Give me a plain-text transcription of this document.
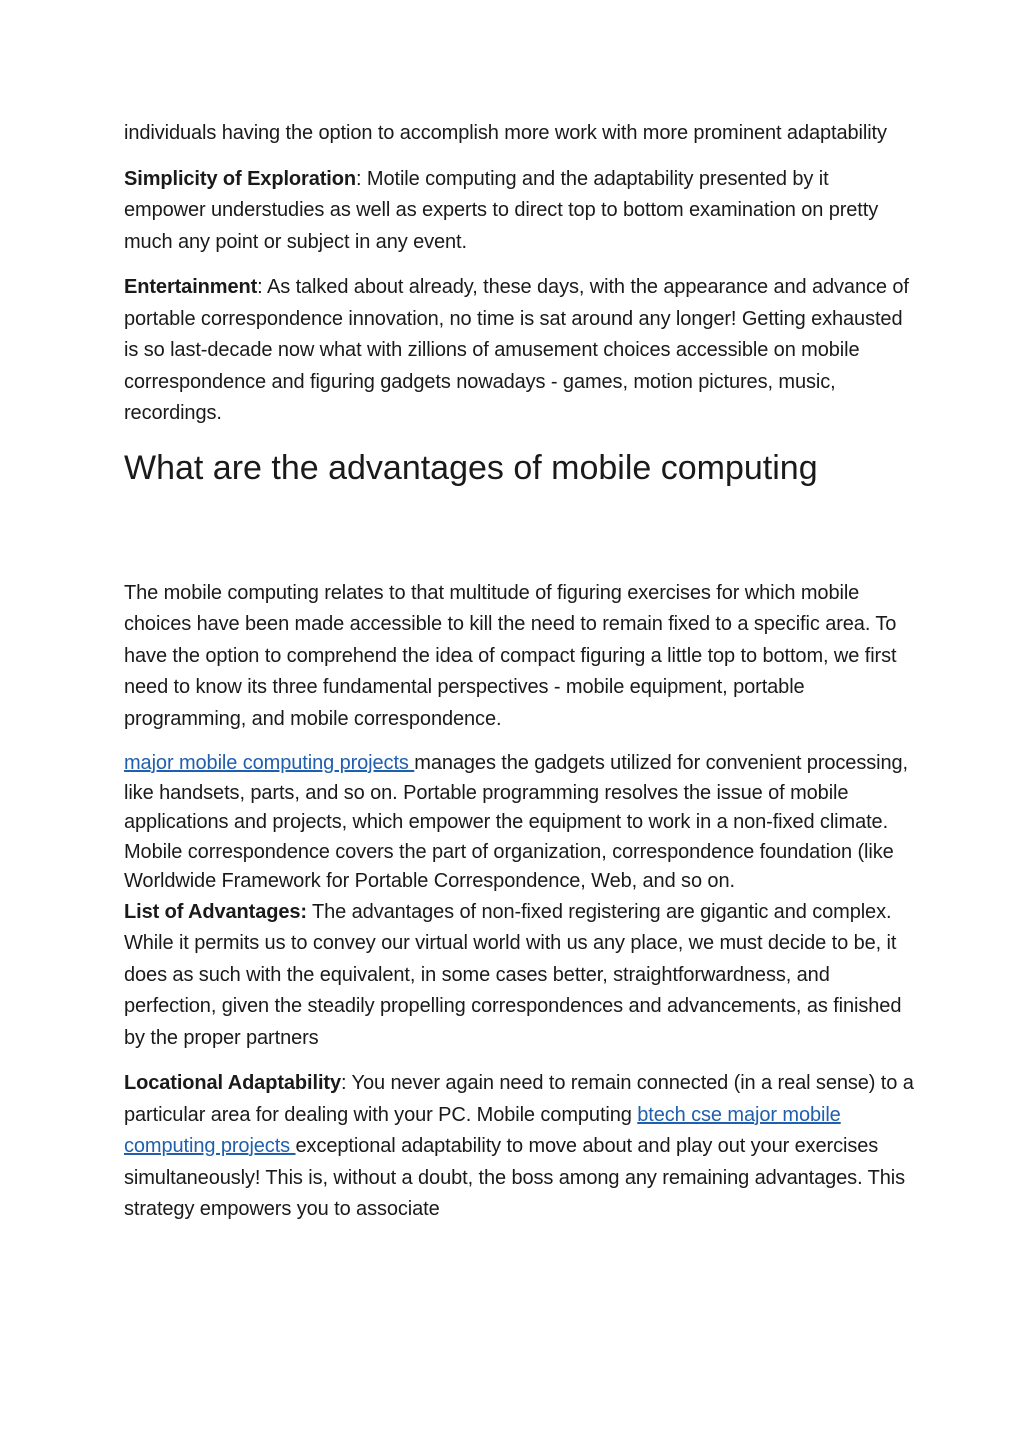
individuals having the option to accomplish more work with more prominent adaptability

Simplicity of Exploration: Motile computing and the adaptability presented by it empower understudies as well as experts to direct top to bottom examination on pretty much any point or subject in any event.

Entertainment: As talked about already, these days, with the appearance and advance of portable correspondence innovation, no time is sat around any longer! Getting exhausted is so last-decade now what with zillions of amusement choices accessible on mobile correspondence and figuring gadgets nowadays - games, motion pictures, music, recordings.

What are the advantages of mobile computing

The mobile computing relates to that multitude of figuring exercises for which mobile choices have been made accessible to kill the need to remain fixed to a specific area. To have the option to comprehend the idea of compact figuring a little top to bottom, we first need to know its three fundamental perspectives - mobile equipment, portable programming, and mobile correspondence.

major mobile computing projects manages the gadgets utilized for convenient processing, like handsets, parts, and so on. Portable programming resolves the issue of mobile applications and projects, which empower the equipment to work in a non-fixed climate. Mobile correspondence covers the part of organization, correspondence foundation (like Worldwide Framework for Portable Correspondence, Web, and so on.

List of Advantages: The advantages of non-fixed registering are gigantic and complex. While it permits us to convey our virtual world with us any place, we must decide to be, it does as such with the equivalent, in some cases better, straightforwardness, and perfection, given the steadily propelling correspondences and advancements, as finished by the proper partners

Locational Adaptability: You never again need to remain connected (in a real sense) to a particular area for dealing with your PC. Mobile computing btech cse major mobile computing projects exceptional adaptability to move about and play out your exercises simultaneously! This is, without a doubt, the boss among any remaining advantages. This strategy empowers you to associate
